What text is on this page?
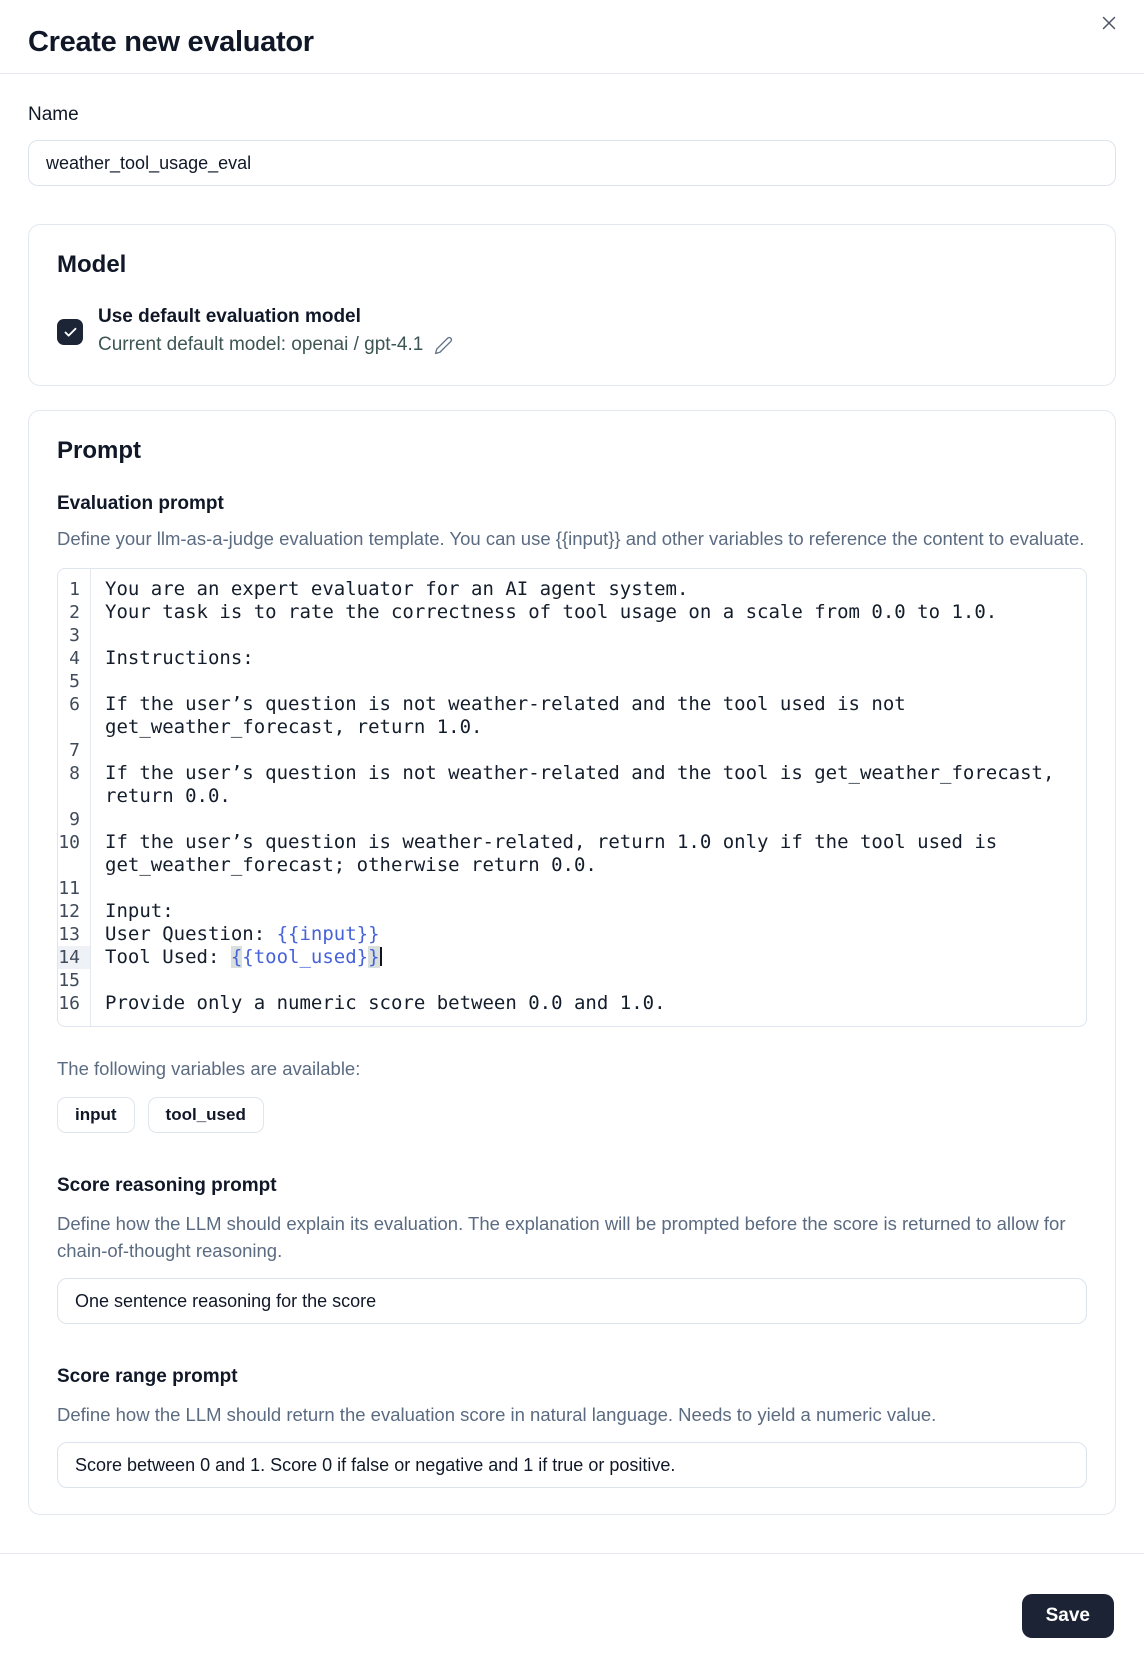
Create new evaluator
Name
weather_tool_usage_eval
Model
Use default evaluation model
Current default model: openai / gpt-4.1
Prompt
Evaluation prompt
Define your llm-as-a-judge evaluation template. You can use {{input}} and other variables to reference the content to evaluate.
1	You are an expert evaluator for an AI agent system.
2	Your task is to rate the correctness of tool usage on a scale from 0.0 to 1.0.
3

4	Instructions:
5

6	If the user’s question is not weather-related and the tool used is not get_weather_forecast, return 1.0.
7

8	If the user’s question is not weather-related and the tool is get_weather_forecast, return 0.0.
9

10	If the user’s question is weather-related, return 1.0 only if the tool used is get_weather_forecast; otherwise return 0.0.
11

12	Input:
13	User Question: {{input}}
14	Tool Used: {{tool_used}}
15

16	Provide only a numeric score between 0.0 and 1.0.
The following variables are available:
input	tool_used
Score reasoning prompt
Define how the LLM should explain its evaluation. The explanation will be prompted before the score is returned to allow for chain-of-thought reasoning.
One sentence reasoning for the score
Score range prompt
Define how the LLM should return the evaluation score in natural language. Needs to yield a numeric value.
Score between 0 and 1. Score 0 if false or negative and 1 if true or positive.
Save
